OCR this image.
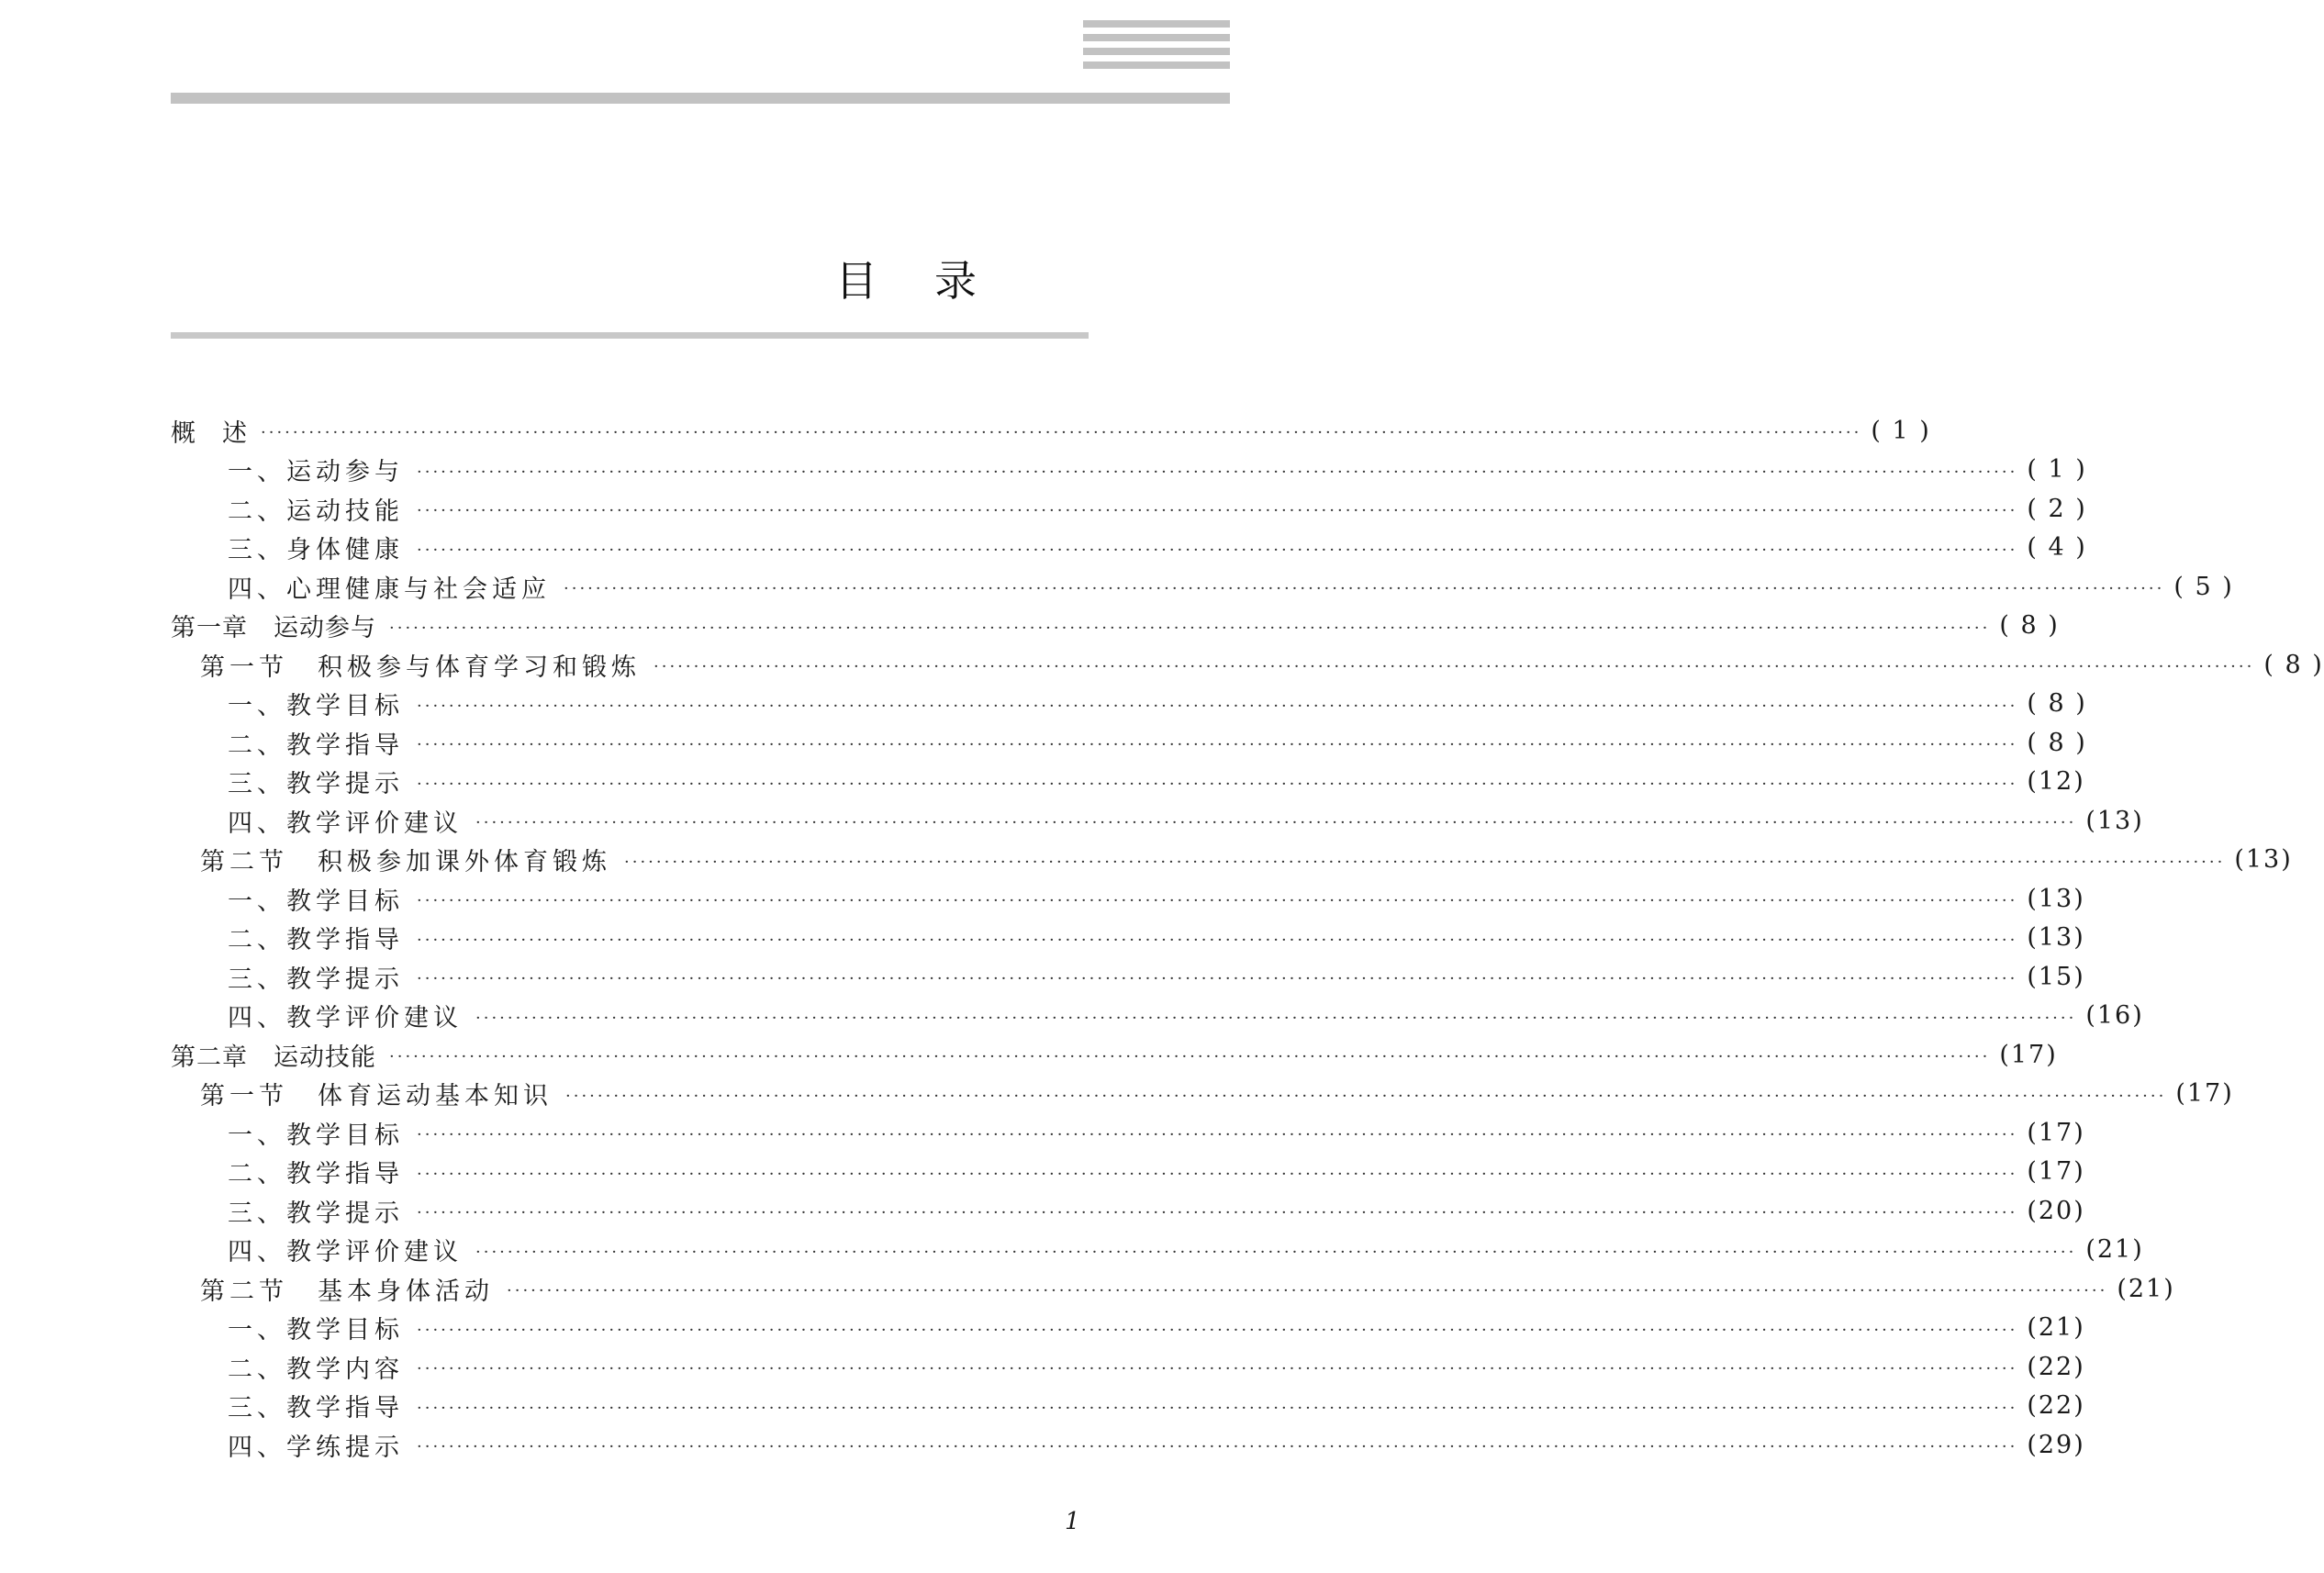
目录
概　述 ········································································································································································································ ( 1 )
一、运动参与 ········································································································································································································ ( 1 )
二、运动技能 ········································································································································································································ ( 2 )
三、身体健康 ········································································································································································································ ( 4 )
四、心理健康与社会适应 ········································································································································································································ ( 5 )
第一章　运动参与 ········································································································································································································ ( 8 )
第一节　积极参与体育学习和锻炼 ········································································································································································································ ( 8 )
一、教学目标 ········································································································································································································ ( 8 )
二、教学指导 ········································································································································································································ ( 8 )
三、教学提示 ········································································································································································································ (12)
四、教学评价建议 ········································································································································································································ (13)
第二节　积极参加课外体育锻炼 ········································································································································································································ (13)
一、教学目标 ········································································································································································································ (13)
二、教学指导 ········································································································································································································ (13)
三、教学提示 ········································································································································································································ (15)
四、教学评价建议 ········································································································································································································ (16)
第二章　运动技能 ········································································································································································································ (17)
第一节　体育运动基本知识 ········································································································································································································ (17)
一、教学目标 ········································································································································································································ (17)
二、教学指导 ········································································································································································································ (17)
三、教学提示 ········································································································································································································ (20)
四、教学评价建议 ········································································································································································································ (21)
第二节　基本身体活动 ········································································································································································································ (21)
一、教学目标 ········································································································································································································ (21)
二、教学内容 ········································································································································································································ (22)
三、教学指导 ········································································································································································································ (22)
四、学练提示 ········································································································································································································ (29)
1
